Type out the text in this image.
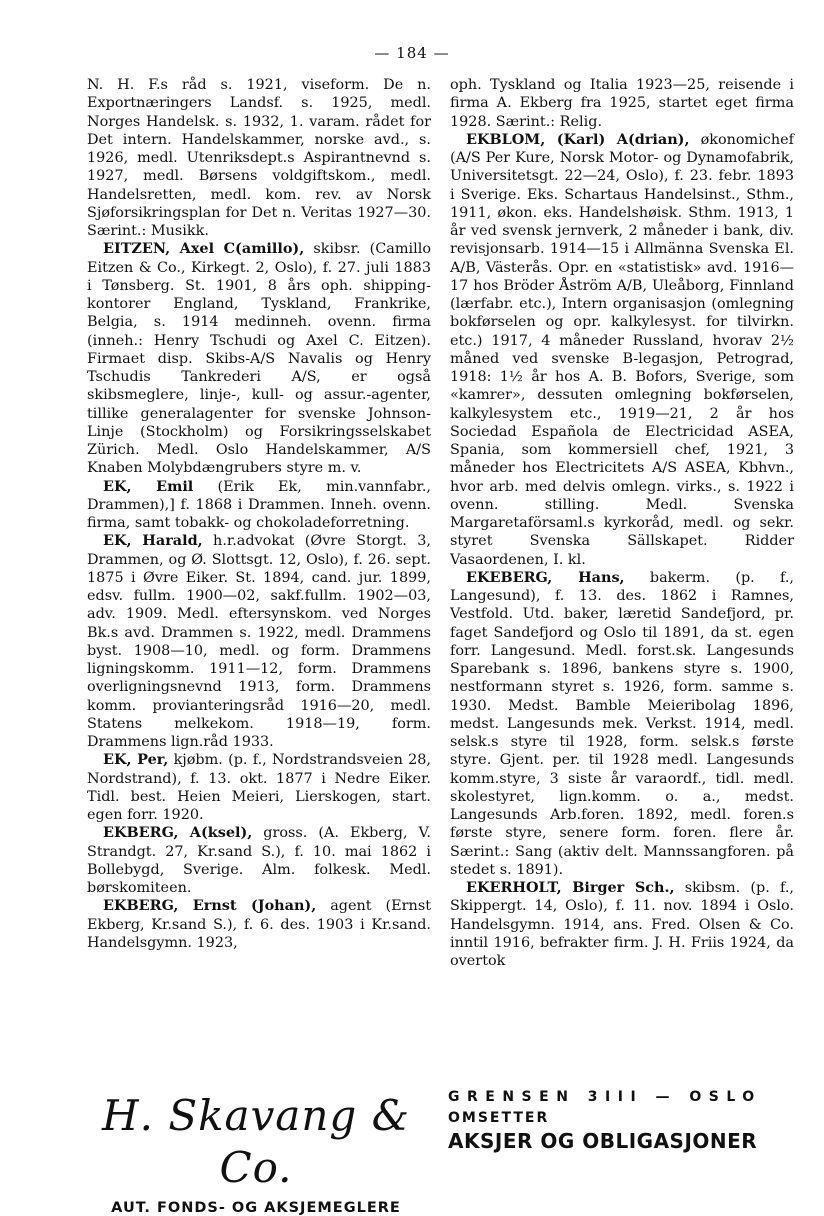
— 184 —

N. H. F.s råd s. 1921, viseform. De n. Exportnæringers Landsf. s. 1925, medl. Norges Handelsk. s. 1932, 1. varam. rådet for Det intern. Handelskammer, norske avd., s. 1926, medl. Utenriksdept.s Aspirantnevnd s. 1927, medl. Børsens voldgiftskom., medl. Handelsretten, medl. kom. rev. av Norsk Sjøforsikringsplan for Det n. Veritas 1927—30. Særint.: Musikk.

EITZEN, Axel C(amillo), skibsr. (Camillo Eitzen & Co., Kirkegt. 2, Oslo), f. 27. juli 1883 i Tønsberg. St. 1901, 8 års oph. shipping-kontorer England, Tyskland, Frankrike, Belgia, s. 1914 medinneh. ovenn. firma (inneh.: Henry Tschudi og Axel C. Eitzen). Firmaet disp. Skibs-A/S Navalis og Henry Tschudis Tankrederi A/S, er også skibsmeglere, linje-, kull- og assur.-agenter, tillike generalagenter for svenske Johnson-Linje (Stockholm) og Forsikringsselskabet Zürich. Medl. Oslo Handelskammer, A/S Knaben Molybdængrubers styre m. v.

EK, Emil (Erik Ek, min.vannfabr., Drammen),] f. 1868 i Drammen. Inneh. ovenn. firma, samt tobakk- og chokoladeforretning.

EK, Harald, h.r.advokat (Øvre Storgt. 3, Drammen, og Ø. Slottsgt. 12, Oslo), f. 26. sept. 1875 i Øvre Eiker. St. 1894, cand. jur. 1899, edsv. fullm. 1900—02, sakf.fullm. 1902—03, adv. 1909. Medl. eftersynskom. ved Norges Bk.s avd. Drammen s. 1922, medl. Drammens byst. 1908—10, medl. og form. Drammens ligningskomm. 1911—12, form. Drammens overligningsnevnd 1913, form. Drammens komm. provianteringsråd 1916—20, medl. Statens melkekom. 1918—19, form. Drammens lign.råd 1933.

EK, Per, kjøbm. (p. f., Nordstrandsveien 28, Nordstrand), f. 13. okt. 1877 i Nedre Eiker. Tidl. best. Heien Meieri, Lierskogen, start. egen forr. 1920.

EKBERG, A(ksel), gross. (A. Ekberg, V. Strandgt. 27, Kr.sand S.), f. 10. mai 1862 i Bollebygd, Sverige. Alm. folkesk. Medl. børskomiteen.

EKBERG, Ernst (Johan), agent (Ernst Ekberg, Kr.sand S.), f. 6. des. 1903 i Kr.sand. Handelsgymn. 1923,

oph. Tyskland og Italia 1923—25, reisende i firma A. Ekberg fra 1925, startet eget firma 1928. Særint.: Relig.

EKBLOM, (Karl) A(drian), økonomichef (A/S Per Kure, Norsk Motor- og Dynamofabrik, Universitetsgt. 22—24, Oslo), f. 23. febr. 1893 i Sverige. Eks. Schartaus Handelsinst., Sthm., 1911, økon. eks. Handelshøisk. Sthm. 1913, 1 år ved svensk jernverk, 2 måneder i bank, div. revisjonsarb. 1914—15 i Allmänna Svenska El. A/B, Västerås. Opr. en «statistisk» avd. 1916—17 hos Bröder Åström A/B, Uleåborg, Finnland (lærfabr. etc.), Intern organisasjon (omlegning bokførselen og opr. kalkylesyst. for tilvirkn. etc.) 1917, 4 måneder Russland, hvorav 2½ måned ved svenske B-legasjon, Petrograd, 1918: 1½ år hos A. B. Bofors, Sverige, som «kamrer», dessuten omlegning bokførselen, kalkylesystem etc., 1919—21, 2 år hos Sociedad Española de Electricidad ASEA, Spania, som kommersiell chef, 1921, 3 måneder hos Electricitets A/S ASEA, Kbhvn., hvor arb. med delvis omlegn. virks., s. 1922 i ovenn. stilling. Medl. Svenska Margaretaförsaml.s kyrkoråd, medl. og sekr. styret Svenska Sällskapet. Ridder Vasaordenen, I. kl.

EKEBERG, Hans, bakerm. (p. f., Langesund), f. 13. des. 1862 i Ramnes, Vestfold. Utd. baker, læretid Sandefjord, pr. faget Sandefjord og Oslo til 1891, da st. egen forr. Langesund. Medl. forst.sk. Langesunds Sparebank s. 1896, bankens styre s. 1900, nestformann styret s. 1926, form. samme s. 1930. Medst. Bamble Meieribolag 1896, medst. Langesunds mek. Verkst. 1914, medl. selsk.s styre til 1928, form. selsk.s første styre. Gjent. per. til 1928 medl. Langesunds komm.styre, 3 siste år varaordf., tidl. medl. skolestyret, lign.komm. o. a., medst. Langesunds Arb.foren. 1892, medl. foren.s første styre, senere form. foren. flere år. Særint.: Sang (aktiv delt. Mannssangforen. på stedet s. 1891).

EKERHOLT, Birger Sch., skibsm. (p. f., Skippergt. 14, Oslo), f. 11. nov. 1894 i Oslo. Handelsgymn. 1914, ans. Fred. Olsen & Co. inntil 1916, befrakter firm. J. H. Friis 1924, da overtok

H. Skavang & Co.
AUT. FONDS- OG AKSJEMEGLERE
GRENSEN 3III — OSLO
OMSETTER
AKSJER OG OBLIGASJONER
